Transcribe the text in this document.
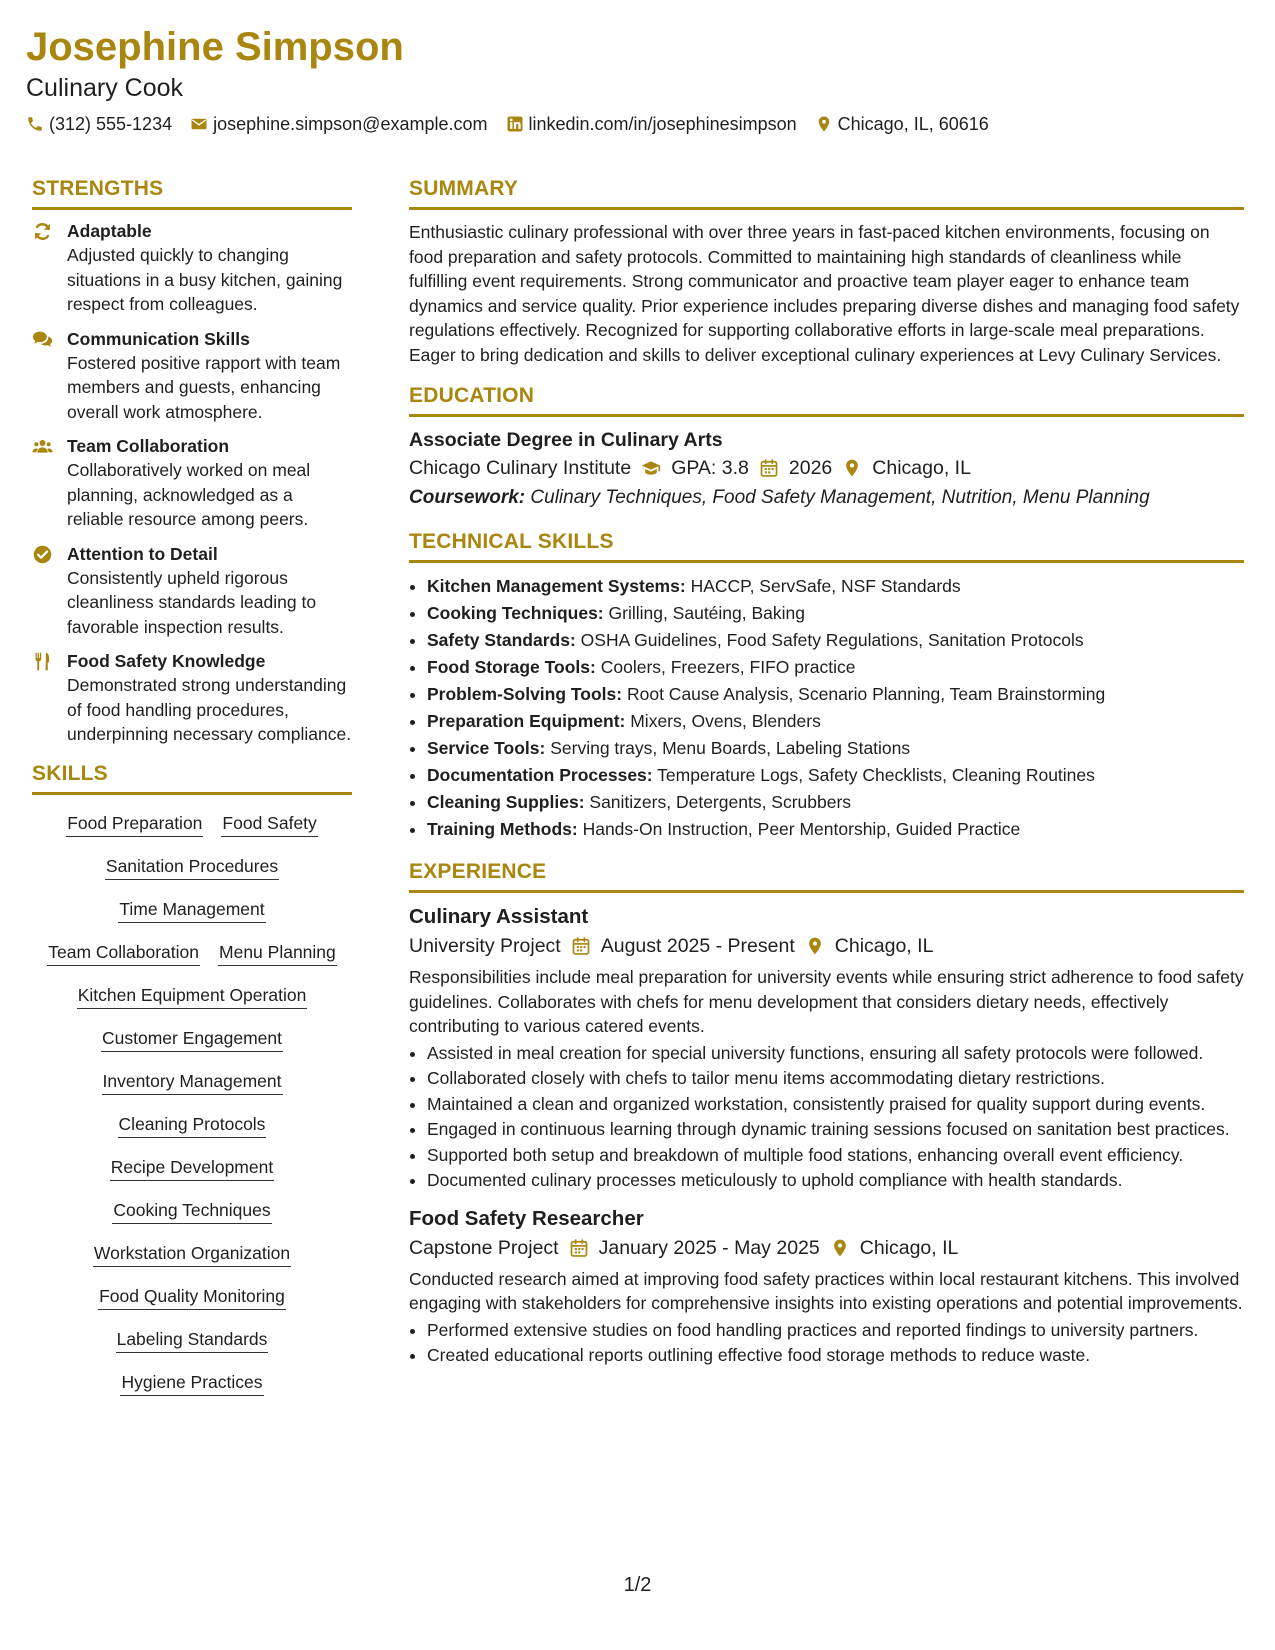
Josephine Simpson

Culinary Cook

(312) 555-1234 josephine.simpson@example.com linkedin.com/in/josephinesimpson Chicago, IL, 60616
STRENGTHS
Adaptable
Adjusted quickly to changing situations in a busy kitchen, gaining respect from colleagues.
Communication Skills
Fostered positive rapport with team members and guests, enhancing overall work atmosphere.
Team Collaboration
Collaboratively worked on meal planning, acknowledged as a reliable resource among peers.
Attention to Detail
Consistently upheld rigorous cleanliness standards leading to favorable inspection results.
Food Safety Knowledge
Demonstrated strong understanding of food handling procedures, underpinning necessary compliance.
SKILLS
Food Preparation Food Safety
Sanitation Procedures
Time Management
Team Collaboration Menu Planning
Kitchen Equipment Operation
Customer Engagement
Inventory Management
Cleaning Protocols
Recipe Development
Cooking Techniques
Workstation Organization
Food Quality Monitoring
Labeling Standards
Hygiene Practices
SUMMARY

Enthusiastic culinary professional with over three years in fast-paced kitchen environments, focusing on food preparation and safety protocols. Committed to maintaining high standards of cleanliness while fulfilling event requirements. Strong communicator and proactive team player eager to enhance team dynamics and service quality. Prior experience includes preparing diverse dishes and managing food safety regulations effectively. Recognized for supporting collaborative efforts in large-scale meal preparations. Eager to bring dedication and skills to deliver exceptional culinary experiences at Levy Culinary Services.

EDUCATION
Associate Degree in Culinary Arts
Chicago Culinary Institute GPA: 3.8 2026 Chicago, IL
Coursework: Culinary Techniques, Food Safety Management, Nutrition, Menu Planning
TECHNICAL SKILLS
• Kitchen Management Systems: HACCP, ServSafe, NSF Standards
• Cooking Techniques: Grilling, Sautéing, Baking
• Safety Standards: OSHA Guidelines, Food Safety Regulations, Sanitation Protocols
• Food Storage Tools: Coolers, Freezers, FIFO practice
• Problem-Solving Tools: Root Cause Analysis, Scenario Planning, Team Brainstorming
• Preparation Equipment: Mixers, Ovens, Blenders
• Service Tools: Serving trays, Menu Boards, Labeling Stations
• Documentation Processes: Temperature Logs, Safety Checklists, Cleaning Routines
• Cleaning Supplies: Sanitizers, Detergents, Scrubbers
• Training Methods: Hands-On Instruction, Peer Mentorship, Guided Practice
EXPERIENCE
Culinary Assistant
University Project August 2025 - Present Chicago, IL
Responsibilities include meal preparation for university events while ensuring strict adherence to food safety guidelines. Collaborates with chefs for menu development that considers dietary needs, effectively contributing to various catered events.
• Assisted in meal creation for special university functions, ensuring all safety protocols were followed.
• Collaborated closely with chefs to tailor menu items accommodating dietary restrictions.
• Maintained a clean and organized workstation, consistently praised for quality support during events.
• Engaged in continuous learning through dynamic training sessions focused on sanitation best practices.
• Supported both setup and breakdown of multiple food stations, enhancing overall event efficiency.
• Documented culinary processes meticulously to uphold compliance with health standards.
Food Safety Researcher
Capstone Project January 2025 - May 2025 Chicago, IL
Conducted research aimed at improving food safety practices within local restaurant kitchens. This involved engaging with stakeholders for comprehensive insights into existing operations and potential improvements.
• Performed extensive studies on food handling practices and reported findings to university partners.
• Created educational reports outlining effective food storage methods to reduce waste.
1/2
